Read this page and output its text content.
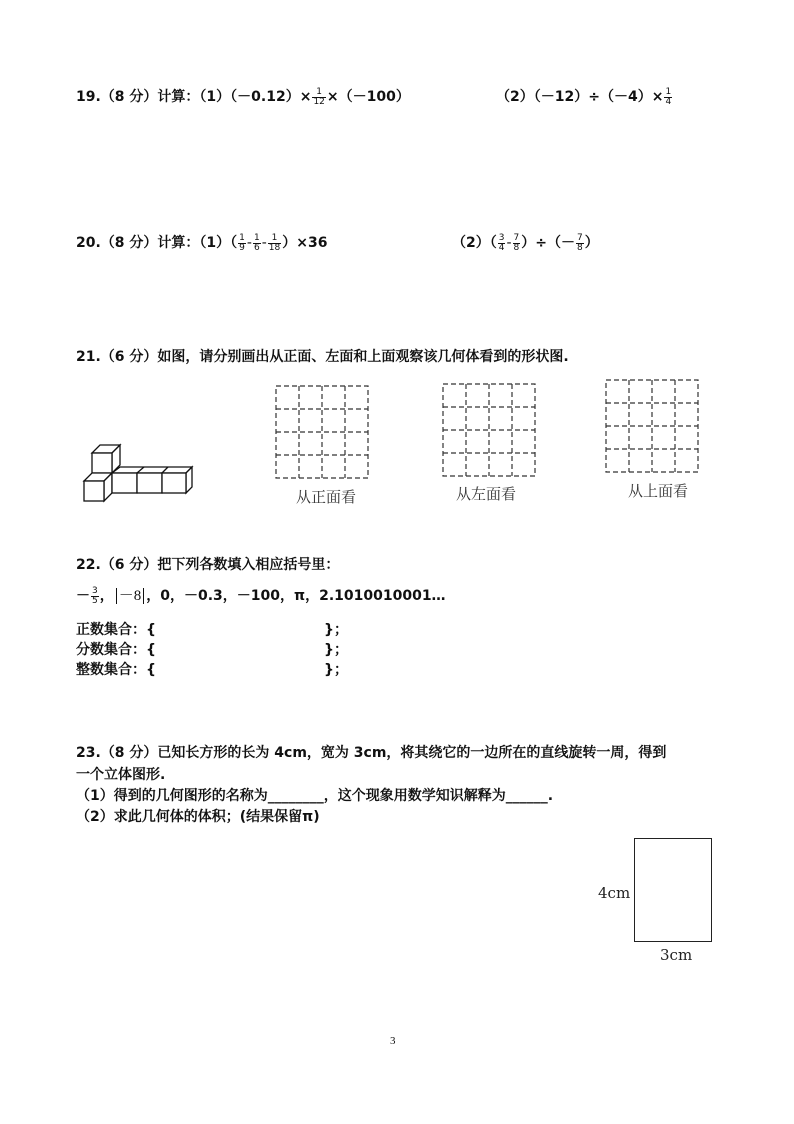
19.（8 分）计算：$(1)(-0.12)\times \frac{1}{12} \times(-100)$	$(2)(-12)\div(-4)\times \frac{1}{4}$
20.（8 分）计算：$(1)( \frac{1}{9} - \frac{1}{6} - \frac{1}{18} )\times 36$	$(2)( \frac{3}{4} - \frac{7}{8}$ ）÷（－ $\frac{7}{8}$ ）
21.（6 分）如图，请分别画出从正面、左面和上面观察该几何体看到的形状图.
从正面看	从左面看	从上面看
22.（6 分）把下列各数填入相应括号里：
－ $\frac{3}{5}$ ， －8 ，0，－0.3，－100，π，2.1010010001…
正数集合：{	}；
分数集合：{	}；
整数集合：{	}；
23.（8 分）已知长方形的长为 4cm，宽为 3cm，将其绕它的一边所在的直线旋转一周，得到
一个立体图形.
（1）得到的几何图形的名称为________，这个现象用数学知识解释为______.
（2）求此几何体的体积；(结果保留π)
4cm
3cm
3
